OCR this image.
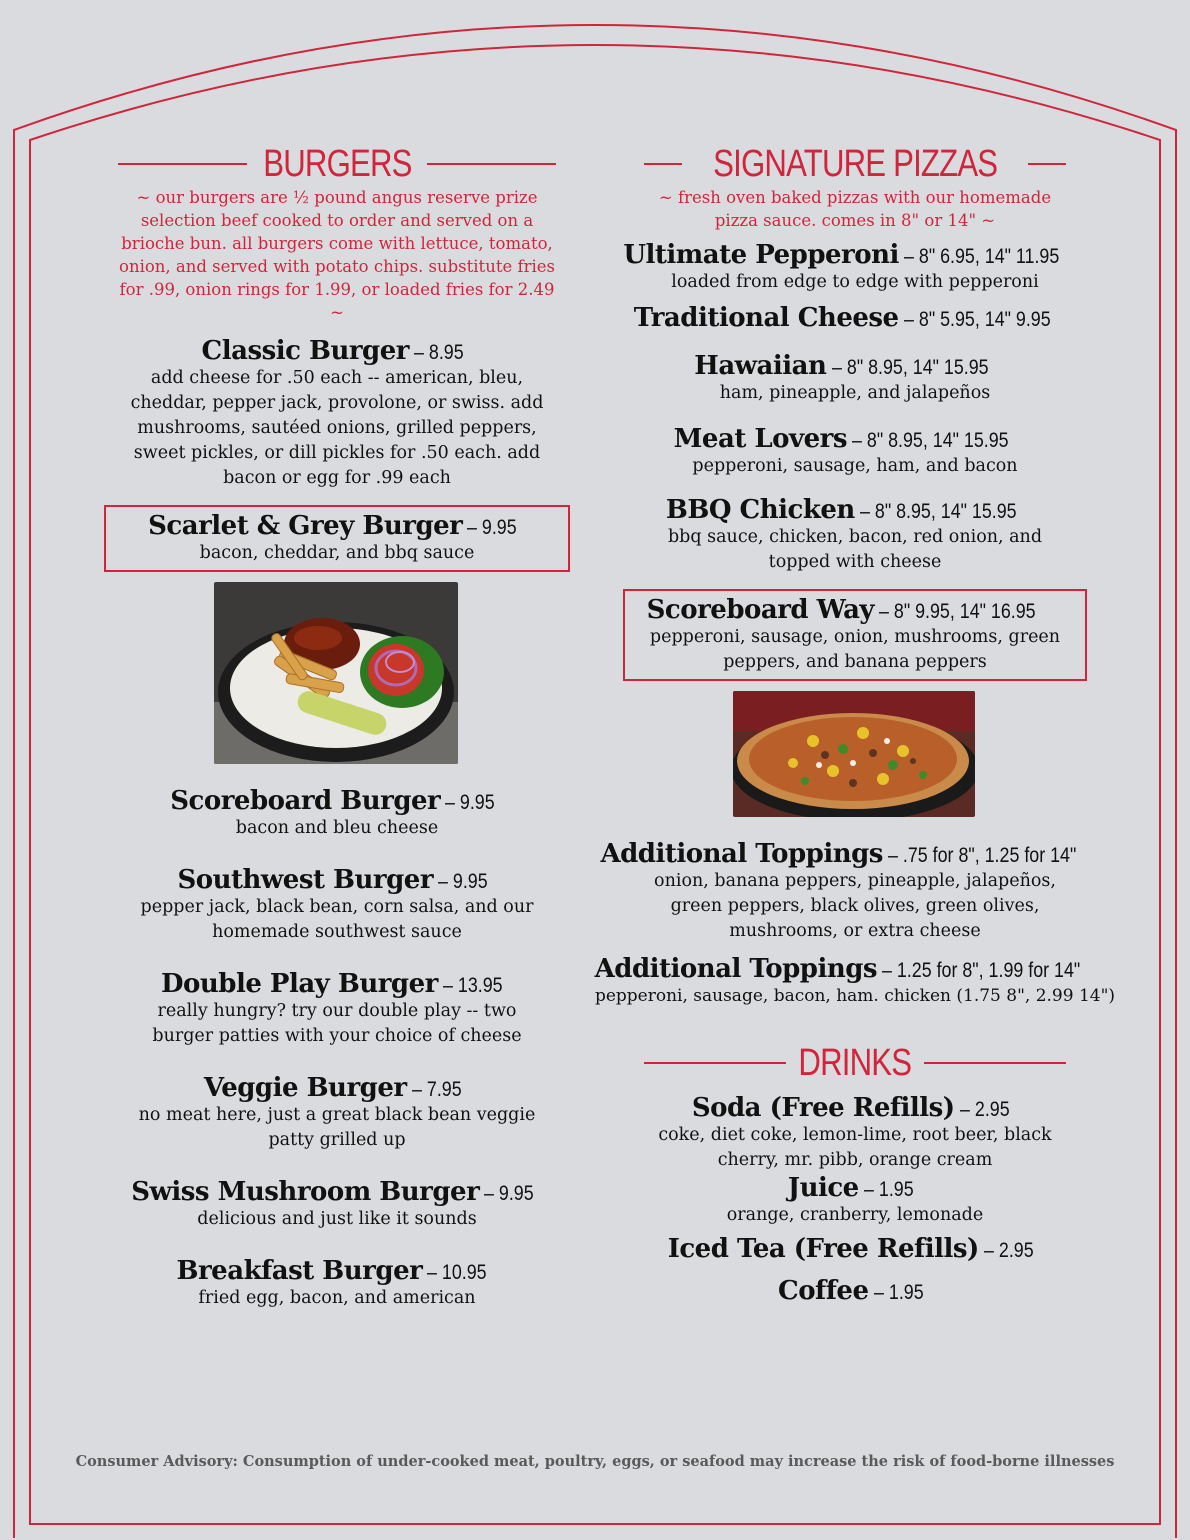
BURGERS
~ our burgers are ½ pound angus reserve prize selection beef cooked to order and served on a brioche bun. all burgers come with lettuce, tomato, onion, and served with potato chips. substitute fries for .99, onion rings for 1.99, or loaded fries for 2.49 ~
Classic Burger – 8.95
add cheese for .50 each -- american, bleu, cheddar, pepper jack, provolone, or swiss. add mushrooms, sautéed onions, grilled peppers, sweet pickles, or dill pickles for .50 each. add bacon or egg for .99 each
Scarlet & Grey Burger – 9.95
bacon, cheddar, and bbq sauce
Scoreboard Burger – 9.95
bacon and bleu cheese
Southwest Burger – 9.95
pepper jack, black bean, corn salsa, and our homemade southwest sauce
Double Play Burger – 13.95
really hungry? try our double play -- two burger patties with your choice of cheese
Veggie Burger – 7.95
no meat here, just a great black bean veggie patty grilled up
Swiss Mushroom Burger – 9.95
delicious and just like it sounds
Breakfast Burger – 10.95
fried egg, bacon, and american
SIGNATURE PIZZAS
~ fresh oven baked pizzas with our homemade pizza sauce. comes in 8" or 14" ~
Ultimate Pepperoni – 8" 6.95, 14" 11.95
loaded from edge to edge with pepperoni
Traditional Cheese – 8" 5.95, 14" 9.95
Hawaiian – 8" 8.95, 14" 15.95
ham, pineapple, and jalapeños
Meat Lovers – 8" 8.95, 14" 15.95
pepperoni, sausage, ham, and bacon
BBQ Chicken – 8" 8.95, 14" 15.95
bbq sauce, chicken, bacon, red onion, and topped with cheese
Scoreboard Way – 8" 9.95, 14" 16.95
pepperoni, sausage, onion, mushrooms, green peppers, and banana peppers
Additional Toppings – .75 for 8", 1.25 for 14"
onion, banana peppers, pineapple, jalapeños, green peppers, black olives, green olives, mushrooms, or extra cheese
Additional Toppings – 1.25 for 8", 1.99 for 14"
pepperoni, sausage, bacon, ham. chicken (1.75 8", 2.99 14")
DRINKS
Soda (Free Refills) – 2.95
coke, diet coke, lemon-lime, root beer, black cherry, mr. pibb, orange cream
Juice – 1.95
orange, cranberry, lemonade
Iced Tea (Free Refills) – 2.95
Coffee – 1.95
Consumer Advisory: Consumption of under-cooked meat, poultry, eggs, or seafood may increase the risk of food-borne illnesses
